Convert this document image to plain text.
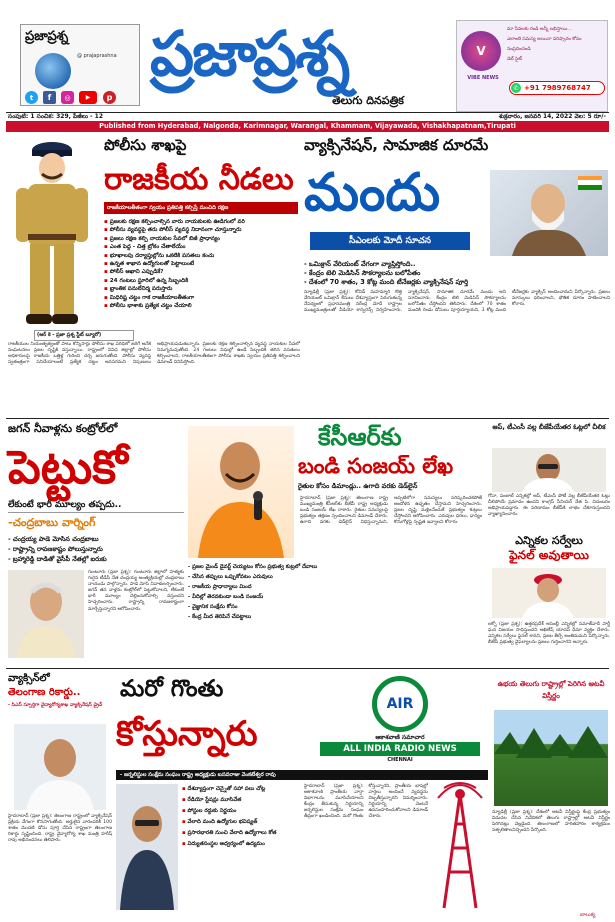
ప్రజాప్రశ్న
@ prajaprashna
t	f	◎	▶	p
ప్రజాప్రశ్న
తెలుగు దినపత్రిక
V
VIBE NEWS
మా సేవలకు రండి అన్నీ లభిస్తాయి...
ఎలాంటి సమస్య అయినా పరిష్కారం కోసం
సంప్రదించండి
వెబ్ సైట్
✆ +91 7989768747
సంపుటి: 1 సంచిక: 329, పేజీలు - 12	శుక్రవారం, జనవరి 14, 2022 వెల: 5 రూ/-
Published from Hyderabad, Nalgonda, Karimnagar, Warangal, Khammam, Vijayawada, Vishakhapatnam,Tirupati
పోలీసు శాఖపై
రాజకీయ నీడలు
రాజకీయాలతీతంగా స్వయం ప్రతిపత్తి కల్పిస్తే మంచిది రక్షణ
▪ ప్రజలకు రక్షణ కల్పించాల్సిన వారు నాయకులకు ఊడిగంలో వరి
▪ పోలీసు వ్యవస్థపై తరు పోలీస్ వ్యవస్థ నిదానంగా చూస్తున్నారు
▪ ప్రజలు రక్షణ కల్పి నాయకుల సేవలో బిజీ ప్రాధాన్యం
▪ ఎంత పెద్ద - చిత్త బ్రోఠం చేతాలేయేం
▪ భూఖాలపు దర్యాప్తుల్లోను ఒకటికి పసతలు కంచు
▪ ఉన్నత శాఖాన ఉద్యోగులతో పెట్టాలుంటే
▪ పోలీస్ ఆఖాని ఎప్పుడికే?
▪ 24 గంటలు స్టూరిలో ఉన్న సిబ్బందికి
▪ భ్రాంతిక పనులేనిర్మ పరుస్తారు
▪ మిధిరిష్ట చట్టం గాక రాజకీయాలతీతంగా
▪ పోలీసు భాశాకు ప్రత్యేక చట్టం చేయాలి
(ఆర్ కె - ప్రజా ప్రశ్న స్టేట్ బ్యూరో)
రాజకీయుల నియంతృత్వంతో పాటు కొన్నిసార్లు పోలీసు శాఖ పరిధిలో జరిగే అనేక సంఘటనలు ప్రజల దృష్టికి వస్తున్నాయి. రాష్ట్రంలో వివిధ జిల్లాల్లో పోలీసు అధికారులపై రాజకీయ ఒత్తిళ్ల గురించి చర్చ జరుగుతోంది. పోలీసు వ్యవస్థ స్వతంత్రంగా పనిచేయాలంటే ప్రత్యేక చట్టం అవసరమని నిపుణులు అభిప్రాయపడుతున్నారు. ప్రజలకు రక్షణ కల్పించాల్సిన వ్యవస్థ నాయకుల సేవలో నిమగ్నమవుతోంది. 24 గంటలు విధుల్లో ఉండే సిబ్బందికి తగిన వసతులు కల్పించాలని, రాజకీయాలతీతంగా పోలీసు శాఖకు స్వయం ప్రతిపత్తి కల్పించాలని డిమాండ్ వినిపిస్తోంది.
వ్యాక్సినేషన్, సామాజిక దూరమే
మందు
సీఎంలకు మోదీ సూచన
- ఒమిక్రాన్ వేరియంట్ వేగంగా వ్యాప్తిస్తోంది..
- కేంద్రం టెలి మెడిసిన్ సౌకర్యాలను బలోపేతం
- దేశంలో 70 శాతం, 3 కోట్ల మంది టీనేజర్లకు వ్యాక్సినేషన్ పూర్తి
న్యూఢిల్లీ (ప్రజా ప్రశ్న): కోవిడ్ మహమ్మారి కొత్త వేరియంట్ ఒమిక్రాన్ కేసులు దేశవ్యాప్తంగా పెరుగుతున్న నేపథ్యంలో ప్రధానమంత్రి నరేంద్ర మోదీ రాష్ట్రాల ముఖ్యమంత్రులతో వీడియో కాన్ఫరెన్స్ నిర్వహించారు. వ్యాక్సినేషన్, సామాజిక దూరమే మందు అని సూచించారు. కేంద్రం టెలి మెడిసిన్ సౌకర్యాలను బలోపేతం చేస్తోందని తెలిపారు. దేశంలో 70 శాతం మందికి రెండు డోసులు పూర్తయ్యాయని, 3 కోట్ల మంది టీనేజర్లకు వ్యాక్సిన్ అందించామని పేర్కొన్నారు. ప్రజలు మాస్కులు ధరించాలని, భౌతిక దూరం పాటించాలని కోరారు.
జగన్ నీవాళ్లను కంట్రోల్‌లో
పెట్టుకో
లేకుంటే భారీ మూల్యం తప్పదు..
-చంద్రబాబు వార్నింగ్
- చంద్రయ్య పాడె మోసిన చంద్రబాబు
- రాష్ట్రాన్ని రావణకాష్టం పోలుస్తున్నారు
- బ్రహ్మారెడ్డి దాడితో వైసీపీ నేతల్లో ఐరుకు
గుంటూరు (ప్రజా ప్రశ్న): గుంటూరు జిల్లాలో హత్యకు గురైన టీడీపీ నేత చంద్రయ్య అంత్యక్రియల్లో చంద్రబాబు నాయుడు పాల్గొన్నారు. పాడె మోసి నివాళులర్పించారు. జగన్ తన వాళ్లను కంట్రోల్‌లో పెట్టుకోవాలని, లేకుంటే భారీ మూల్యం చెల్లించుకోవాల్సి వస్తుందని హెచ్చరించారు. రాష్ట్రాన్ని రావణకాష్టంగా మార్చేస్తున్నారని ఆరోపించారు.
కేసీఆర్‌కు
బండి సంజయ్ లేఖ
రైతుల కోసం డిమాండ్లు.. ఉగాది వరకు డెడ్‌లైన్
- ప్రజల మైండ్ డైవర్ట్ చెయ్యటం కోసం ప్రభుత్వ కుట్రలో దేవాలు
- చేసిన తప్పులు ఒప్పుకోవటం ఎరువులు
- రాజకీయ ప్రాధాన్యాలు మింద
- వీదిల్లో తెరవకుండా బండి సంజయ్
- వైజ్ఞానిక సంక్షేమ కోసం
- కేంద్ర మీద తెరిపినే చేపట్టాలు
హైదరాబాద్ (ప్రజా ప్రశ్న): తెలంగాణ రాష్ట్ర ముఖ్యమంత్రి కేసీఆర్‌కు బీజేపీ రాష్ట్ర అధ్యక్షుడు బండి సంజయ్ లేఖ రాశారు. రైతుల సమస్యలపై ప్రభుత్వం తక్షణం స్పందించాలని డిమాండ్ చేశారు. ఉగాది వరకు డెడ్‌లైన్ విధిస్తున్నామని, అప్పటిలోగా సమస్యలు పరిష్కరించకపోతే ఆందోళన ఉధృతం చేస్తామని హెచ్చరించారు. ప్రజల దృష్టి మళ్లించేందుకే ప్రభుత్వం కుట్రలు చేస్తోందని ఆరోపించారు. ఎరువుల ధరలు, ధాన్యం కొనుగోళ్లపై స్పష్టత ఇవ్వాలని కోరారు.
ఆప్, టీఎంసీ వల్ల బీజేపీయేతర ఓట్లలో చీలిక
గోవా, పంజాబ్ ఎన్నికల్లో ఆప్, టీఎంసీ పోటీ వల్ల బీజేపీయేతర ఓట్లు చీలిపోయే ప్రమాదం ఉందని కాంగ్రెస్ సీనియర్ నేత పి. చిదంబరం అభిప్రాయపడ్డారు. ఈ పరిణామం బీజేపీకి లాభం చేకూరుస్తుందని వ్యాఖ్యానించారు.
ఎన్నికల సర్వేలు
ఫైనల్ అవుతాయి
లక్నో (ప్రజా ప్రశ్న): ఉత్తరప్రదేశ్ అసెంబ్లీ ఎన్నికల్లో సమాజ్‌వాదీ పార్టీ ఘన విజయం సాధిస్తుందని అఖిలేష్ యాదవ్ ధీమా వ్యక్తం చేశారు. ఎన్నికల సర్వేలు ఫైనల్ కావని, ప్రజల తీర్పే అంతిమమని పేర్కొన్నారు. బీజేపీ ప్రభుత్వ వైఫల్యాలను ప్రజలు గుర్తించారని అన్నారు.
వ్యాక్సిన్‌లో
తెలంగాణ రికార్డు..
- సిఎస్ స్పూర్తిగా వైద్యారోగ్యశాఖ వ్యాక్సినేషన్ డ్రైవ్
హైదరాబాద్ (ప్రజా ప్రశ్న): తెలంగాణ రాష్ట్రంలో వ్యాక్సినేషన్ ప్రక్రియ వేగంగా కొనసాగుతోంది. అర్హులైన వారందరికీ 100 శాతం మొదటి డోసు పూర్తి చేసిన రాష్ట్రంగా తెలంగాణ రికార్డు సృష్టించింది. రాష్ట్ర వైద్యారోగ్య శాఖ మంత్రి హరీష్ రావు అభినందనలు తెలిపారు.
మరో గొంతు
కోస్తున్నారు
- జర్నలిస్టుల సంక్షేమ సంఘం రాష్ట్ర అధ్యక్షుడు బసవరాజు వెంకటేశ్వర రావు
AIR
ఆకాశవాణి సమాచార
ALL INDIA RADIO NEWS
CHENNAI
▪ దేశవ్యాప్తంగా చెన్నైతో సహా పలు చోట్ల
▪ రేడియో స్టేషన్లు మూసివేత
▪ పోస్టుల రద్దుకు నిర్ణయం
▪ వేలాది మంది ఉద్యోగుల భవిష్యత్
▪ ప్రసారభారతి నుంచి వేలాది ఉద్యోగాలు కోత
▪ విద్యుతసంస్థల ఆధ్వర్యంలో ఉద్యమం
హైదరాబాద్ (ప్రజా ప్రశ్న): ఆకాశవాణి ప్రాంతీయ వార్తా విభాగాలను మూసివేయాలని కేంద్రం తీసుకున్న నిర్ణయాన్ని జర్నలిస్టుల సంక్షేమ సంఘం తీవ్రంగా ఖండించింది. మరో గొంతు కోస్తున్నారని, ప్రాంతీయ భాషల్లో వార్తలు అందించే వ్యవస్థను దెబ్బతీస్తున్నారని విమర్శించారు. నిర్ణయాన్ని వెంటనే ఉపసంహరించుకోవాలని డిమాండ్ చేశారు.
ఉభయ తెలుగు రాష్ట్రాల్లో పెరిగిన అటవీ విస్తీర్ణం
న్యూఢిల్లీ (ప్రజా ప్రశ్న): దేశంలో అటవీ విస్తీర్ణంపై కేంద్ర ప్రభుత్వం విడుదల చేసిన నివేదికలో తెలుగు రాష్ట్రాల్లో అటవీ విస్తీర్ణం పెరిగినట్లు వెల్లడైంది. తెలంగాణలో హరితహారం కార్యక్రమం సత్ఫలితాలనిచ్చిందని పేర్కొంది.
బాలుక్య
